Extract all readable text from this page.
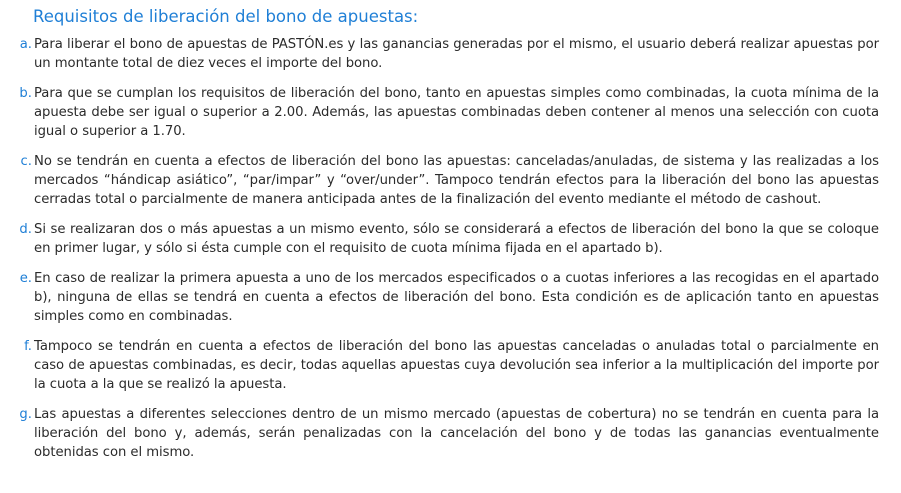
Requisitos de liberación del bono de apuestas:
a. Para liberar el bono de apuestas de PASTÓN.es y las ganancias generadas por el mismo, el usuario deberá realizar apuestas por un montante total de diez veces el importe del bono.
b. Para que se cumplan los requisitos de liberación del bono, tanto en apuestas simples como combinadas, la cuota mínima de la apuesta debe ser igual o superior a 2.00. Además, las apuestas combinadas deben contener al menos una selección con cuota igual o superior a 1.70.
c. No se tendrán en cuenta a efectos de liberación del bono las apuestas: canceladas/anuladas, de sistema y las realizadas a los mercados “hándicap asiático”, “par/impar” y “over/under”. Tampoco tendrán efectos para la liberación del bono las apuestas cerradas total o parcialmente de manera anticipada antes de la finalización del evento mediante el método de cashout.
d. Si se realizaran dos o más apuestas a un mismo evento, sólo se considerará a efectos de liberación del bono la que se coloque en primer lugar, y sólo si ésta cumple con el requisito de cuota mínima fijada en el apartado b).
e. En caso de realizar la primera apuesta a uno de los mercados especificados o a cuotas inferiores a las recogidas en el apartado b), ninguna de ellas se tendrá en cuenta a efectos de liberación del bono. Esta condición es de aplicación tanto en apuestas simples como en combinadas.
f. Tampoco se tendrán en cuenta a efectos de liberación del bono las apuestas canceladas o anuladas total o parcialmente en caso de apuestas combinadas, es decir, todas aquellas apuestas cuya devolución sea inferior a la multiplicación del importe por la cuota a la que se realizó la apuesta.
g. Las apuestas a diferentes selecciones dentro de un mismo mercado (apuestas de cobertura) no se tendrán en cuenta para la liberación del bono y, además, serán penalizadas con la cancelación del bono y de todas las ganancias eventualmente obtenidas con el mismo.
